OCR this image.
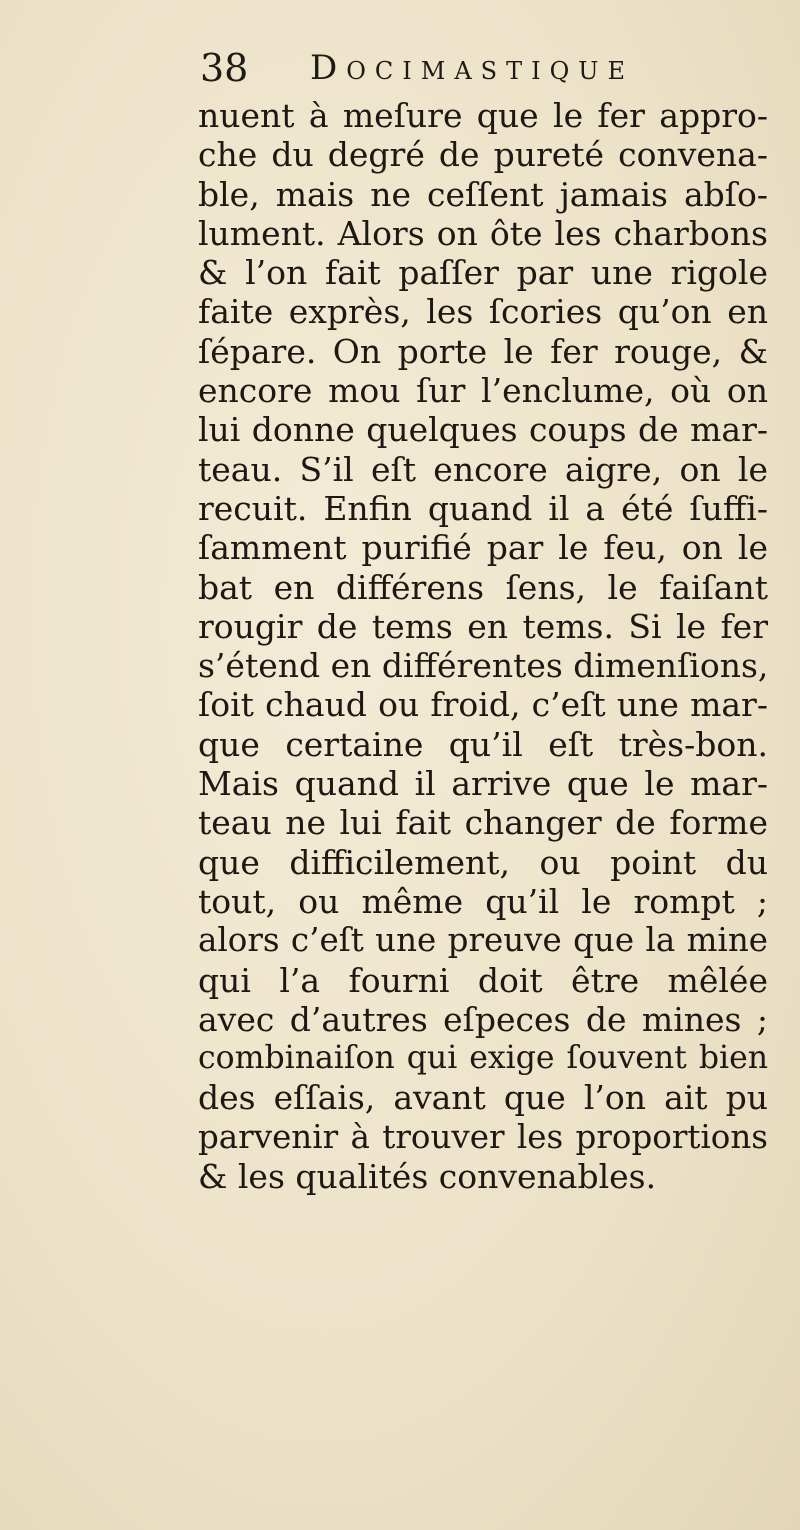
38 Docimastique
nuent à meſure que le fer appro-
che du degré de pureté convena-
ble, mais ne ceſſent jamais abſo-
lument. Alors on ôte les charbons
& l’on fait paſſer par une rigole
faite exprès, les ſcories qu’on en
ſépare. On porte le fer rouge, &
encore mou ſur l’enclume, où on
lui donne quelques coups de mar-
teau. S’il eſt encore aigre, on le
recuit. Enfin quand il a été ſuffi-
ſamment purifié par le feu, on le
bat en différens ſens, le faiſant
rougir de tems en tems. Si le fer
s’étend en différentes dimenſions,
ſoit chaud ou froid, c’eſt une mar-
que certaine qu’il eſt très-bon.
Mais quand il arrive que le mar-
teau ne lui fait changer de forme
que difficilement, ou point du
tout, ou même qu’il le rompt ;
alors c’eſt une preuve que la mine
qui l’a fourni doit être mêlée
avec d’autres eſpeces de mines ;
combinaiſon qui exige ſouvent bien
des eſſais, avant que l’on ait pu
parvenir à trouver les proportions
& les qualités convenables.
